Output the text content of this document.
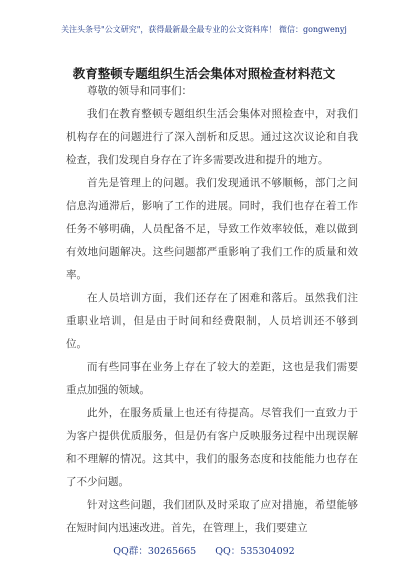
关注头条号"公文研究"，获得最新最全最专业的公文资料库！ 微信：gongwenyj
教育整顿专题组织生活会集体对照检查材料范文

尊敬的领导和同事们：

我们在教育整顿专题组织生活会集体对照检查中，对我们机构存在的问题进行了深入剖析和反思。通过这次议论和自我检查，我们发现自身存在了许多需要改进和提升的地方。

首先是管理上的问题。我们发现通讯不够顺畅，部门之间信息沟通滞后，影响了工作的进展。同时，我们也存在着工作任务不够明确，人员配备不足，导致工作效率较低，难以做到有效地问题解决。这些问题都严重影响了我们工作的质量和效率。

在人员培训方面，我们还存在了困难和落后。虽然我们注重职业培训，但是由于时间和经费限制，人员培训还不够到位。

而有些同事在业务上存在了较大的差距，这也是我们需要重点加强的领域。

此外，在服务质量上也还有待提高。尽管我们一直致力于为客户提供优质服务，但是仍有客户反映服务过程中出现误解和不理解的情况。这其中，我们的服务态度和技能能力也存在了不少问题。

针对这些问题，我们团队及时采取了应对措施，希望能够在短时间内迅速改进。首先，在管理上，我们要建立

QQ群：30265665 QQ：535304092
